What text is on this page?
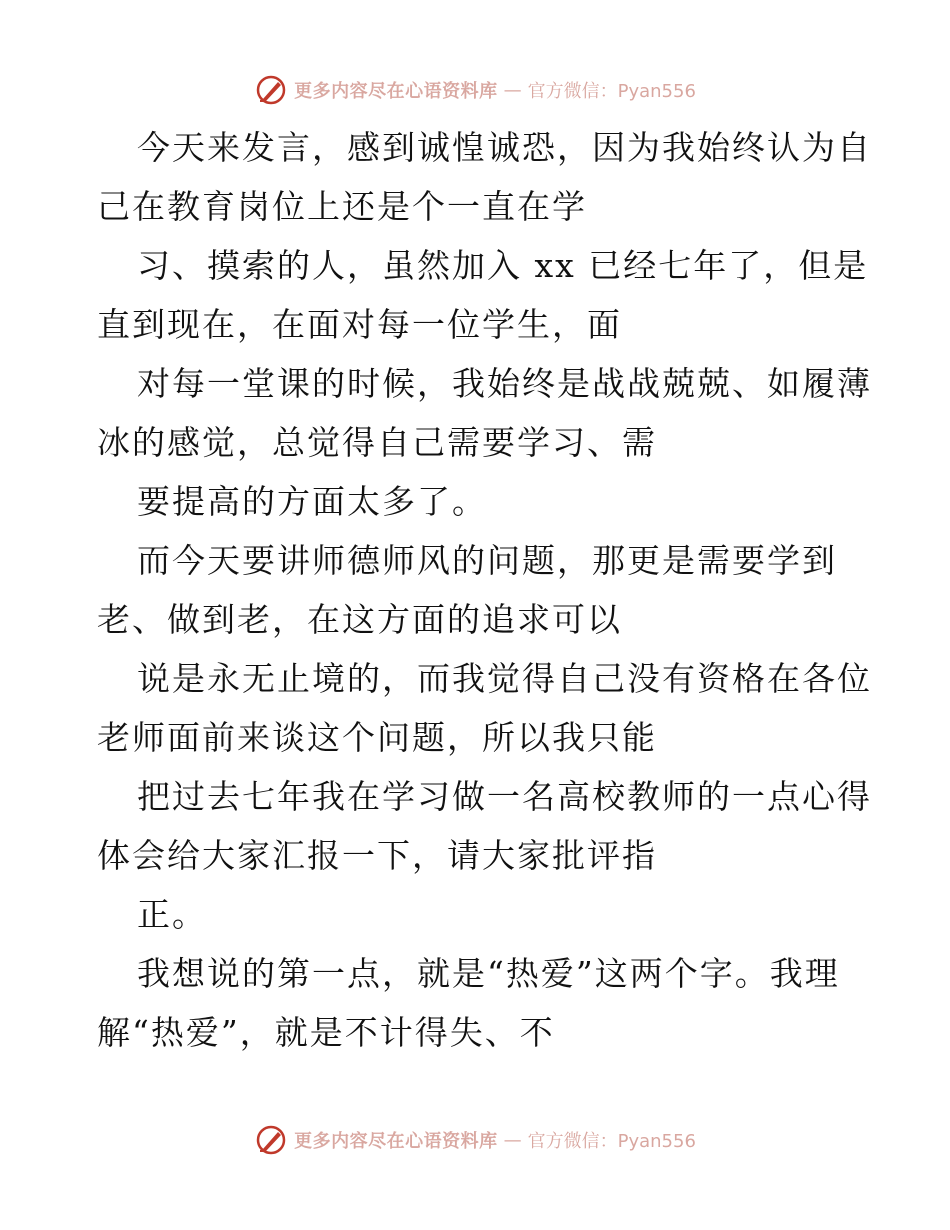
更多内容尽在心语资料库 — 官方微信：Pyan556
今天来发言，感到诚惶诚恐，因为我始终认为自
己在教育岗位上还是个一直在学
习、摸索的人，虽然加入 xx 已经七年了，但是
直到现在，在面对每一位学生，面
对每一堂课的时候，我始终是战战兢兢、如履薄
冰的感觉，总觉得自己需要学习、需
要提高的方面太多了。
而今天要讲师德师风的问题，那更是需要学到
老、做到老，在这方面的追求可以
说是永无止境的，而我觉得自己没有资格在各位
老师面前来谈这个问题，所以我只能
把过去七年我在学习做一名高校教师的一点心得
体会给大家汇报一下，请大家批评指
正。
我想说的第一点，就是“热爱”这两个字。我理
解“热爱”，就是不计得失、不
更多内容尽在心语资料库 — 官方微信：Pyan556
